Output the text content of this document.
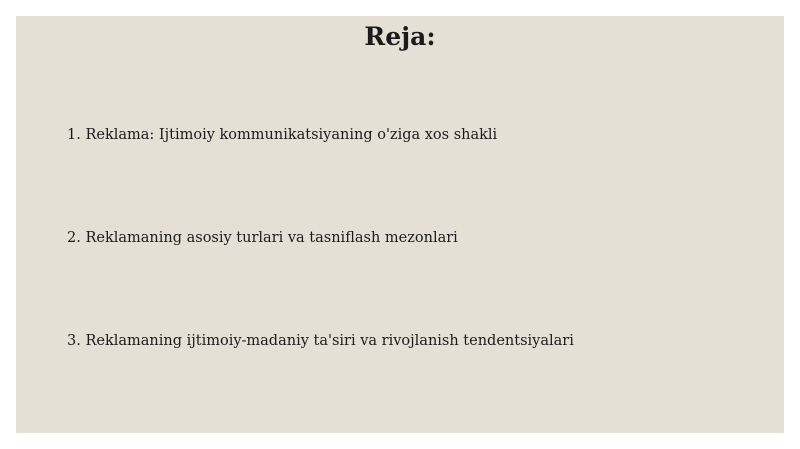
Reja:
1. Reklama: Ijtimoiy kommunikatsiyaning o'ziga xos shakli
2. Reklamaning asosiy turlari va tasniflash mezonlari
3. Reklamaning ijtimoiy-madaniy ta'siri va rivojlanish tendentsiyalari
